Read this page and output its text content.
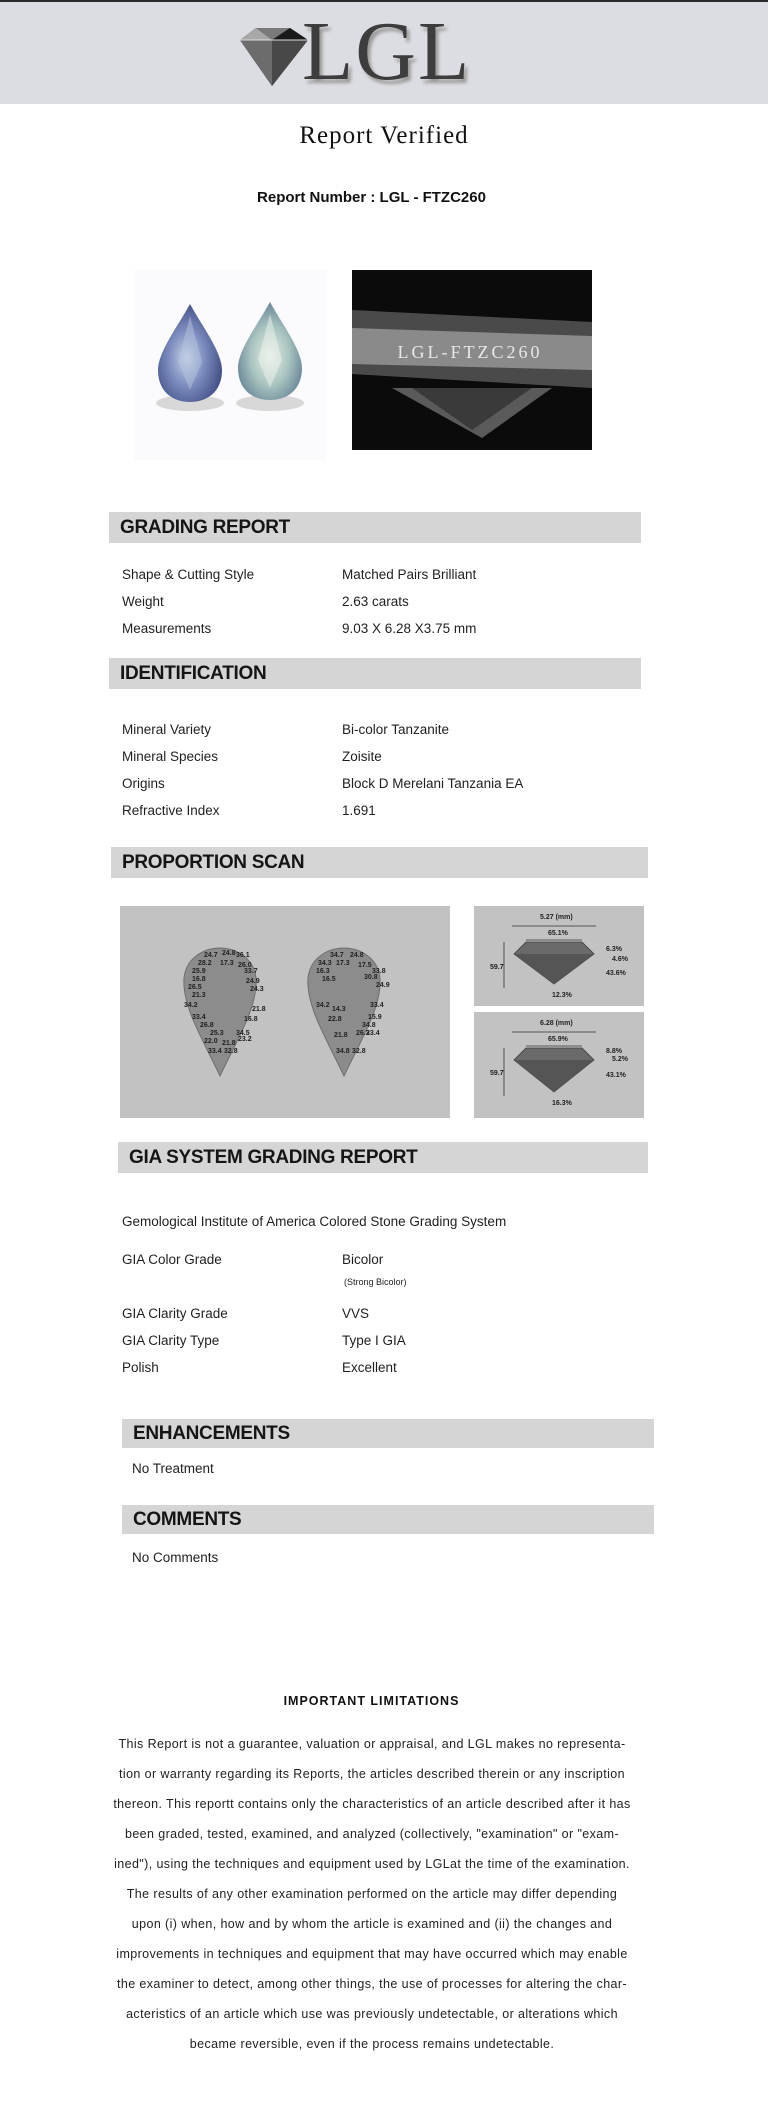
LGL
Report Verified
Report Number : LGL - FTZC260
LGL-FTZC260
GRADING REPORT
Shape & Cutting Style	Matched Pairs Brilliant
Weight	2.63 carats
Measurements	9.03 X 6.28 X3.75 mm
IDENTIFICATION
Mineral Variety	Bi-color Tanzanite
Mineral Species	Zoisite
Origins	Block D Merelani Tanzania EA
Refractive Index	1.691
PROPORTION SCAN
24.7 24.8 36.1
28.2 17.3 26.0
25.9	33.7
16.8	24.9
26.5	24.3
21.3
34.2
21.8
33.4
26.8
16.8
25.3 34.5
22.0 21.8
23.2
33.4 32.8
34.7 24.8
34.3 17.3 17.5
33.8
16.3
30.8
16.5
24.9
34.2	33.4
14.3
15.9
22.8
34.8
21.8 26.3
23.4
34.8 32.8
5.27 (mm)
65.1%
6.3%
4.6%
59.7
43.6%
12.3%
6.28 (mm)
65.9%
8.8%
5.2%
59.7	43.1%
16.3%
GIA SYSTEM GRADING REPORT
Gemological Institute of America Colored Stone Grading System
GIA Color Grade	Bicolor
(Strong Bicolor)
GIA Clarity Grade	VVS
GIA Clarity Type	Type I GIA
Polish	Excellent
ENHANCEMENTS
No Treatment
COMMENTS
No Comments
IMPORTANT LIMITATIONS
This Report is not a guarantee, valuation or appraisal, and LGL makes no representa-
tion or warranty regarding its Reports, the articles described therein or any inscription
thereon. This reportt contains only the characteristics of an article described after it has
been graded, tested, examined, and analyzed (collectively, "examination" or "exam-
ined"), using the techniques and equipment used by LGLat the time of the examination.
The results of any other examination performed on the article may differ depending
upon (i) when, how and by whom the article is examined and (ii) the changes and
improvements in techniques and equipment that may have occurred which may enable
the examiner to detect, among other things, the use of processes for altering the char-
acteristics of an article which use was previously undetectable, or alterations which
became reversible, even if the process remains undetectable.
